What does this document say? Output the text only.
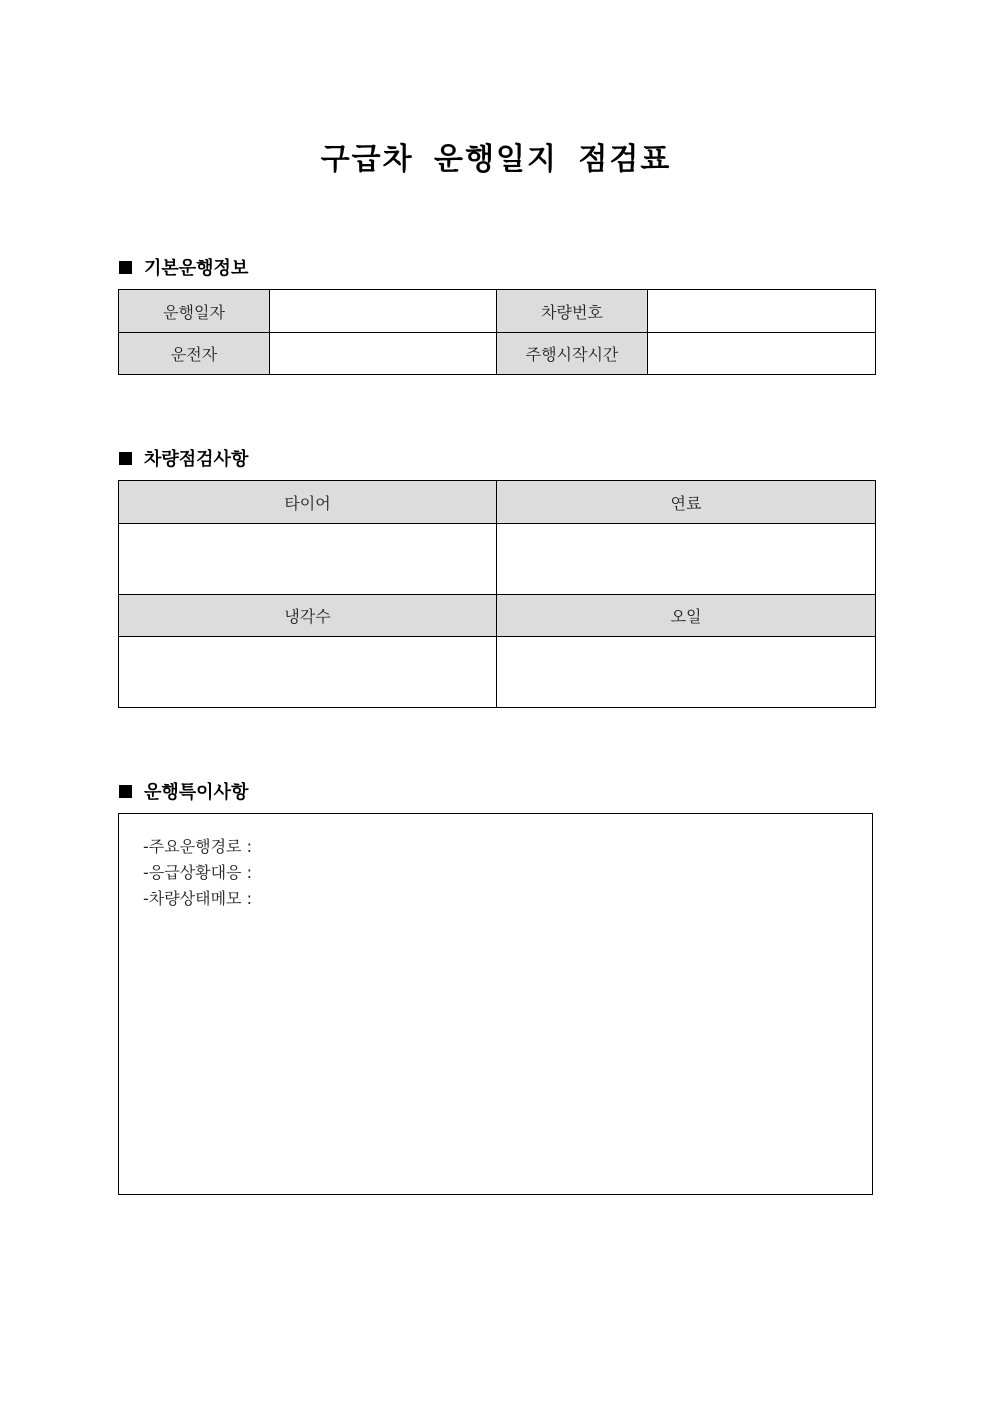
구급차 운행일지 점검표
기본운행정보
운행일자		차량번호	
운전자		주행시작시간	
차량점검사항
타이어	연료

냉각수	오일

운행특이사항
-주요운행경로 :
-응급상황대응 :
-차량상태메모 :
